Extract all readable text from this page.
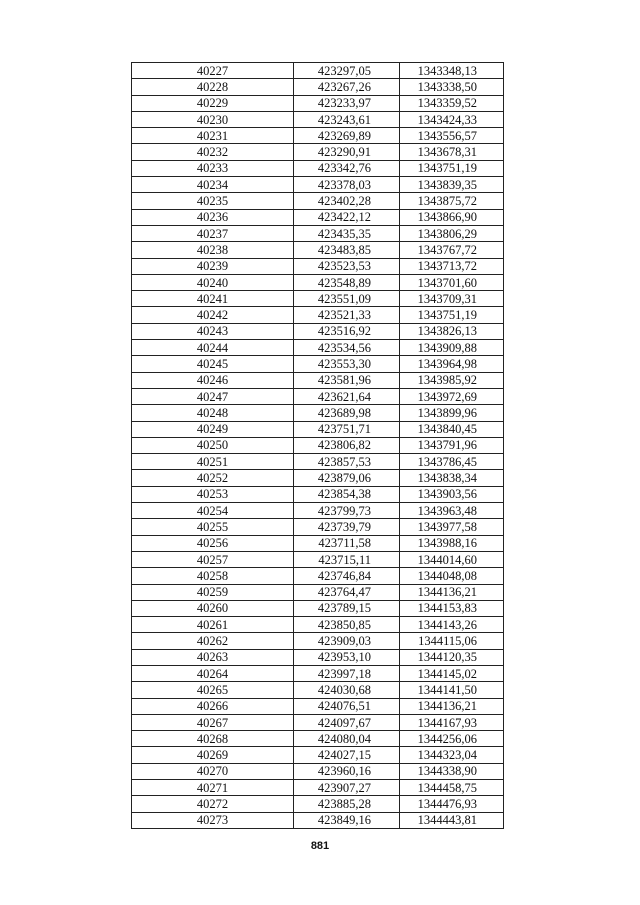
40227	423297,05	1343348,13
40228	423267,26	1343338,50
40229	423233,97	1343359,52
40230	423243,61	1343424,33
40231	423269,89	1343556,57
40232	423290,91	1343678,31
40233	423342,76	1343751,19
40234	423378,03	1343839,35
40235	423402,28	1343875,72
40236	423422,12	1343866,90
40237	423435,35	1343806,29
40238	423483,85	1343767,72
40239	423523,53	1343713,72
40240	423548,89	1343701,60
40241	423551,09	1343709,31
40242	423521,33	1343751,19
40243	423516,92	1343826,13
40244	423534,56	1343909,88
40245	423553,30	1343964,98
40246	423581,96	1343985,92
40247	423621,64	1343972,69
40248	423689,98	1343899,96
40249	423751,71	1343840,45
40250	423806,82	1343791,96
40251	423857,53	1343786,45
40252	423879,06	1343838,34
40253	423854,38	1343903,56
40254	423799,73	1343963,48
40255	423739,79	1343977,58
40256	423711,58	1343988,16
40257	423715,11	1344014,60
40258	423746,84	1344048,08
40259	423764,47	1344136,21
40260	423789,15	1344153,83
40261	423850,85	1344143,26
40262	423909,03	1344115,06
40263	423953,10	1344120,35
40264	423997,18	1344145,02
40265	424030,68	1344141,50
40266	424076,51	1344136,21
40267	424097,67	1344167,93
40268	424080,04	1344256,06
40269	424027,15	1344323,04
40270	423960,16	1344338,90
40271	423907,27	1344458,75
40272	423885,28	1344476,93
40273	423849,16	1344443,81
881
